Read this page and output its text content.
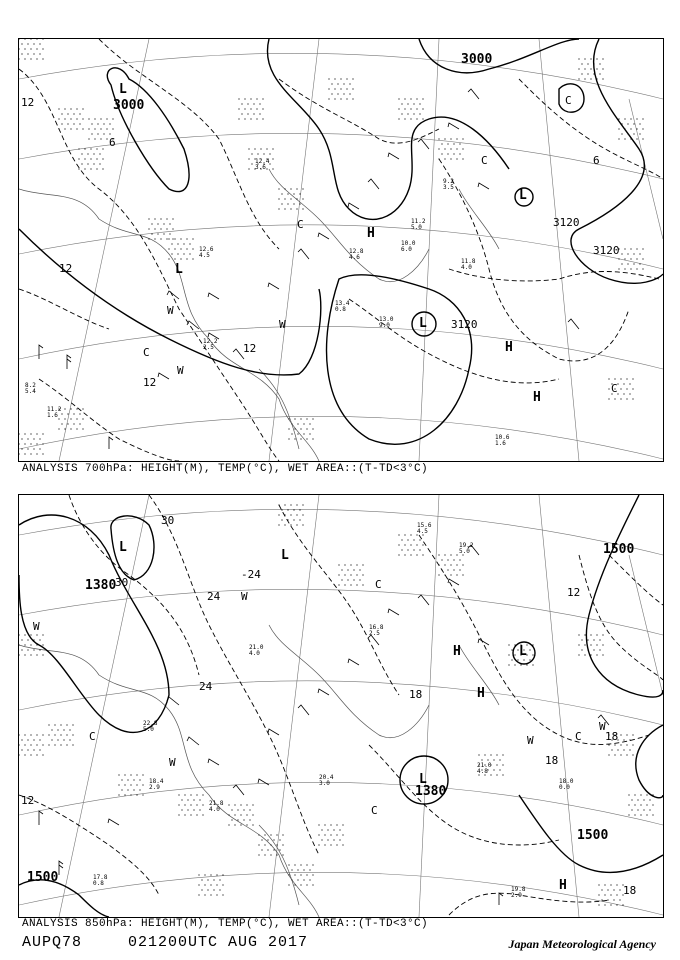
3000
3000
3120
3120
3120
12
12
12
12
6
6
L
L
L
L
H
H
H
C
C
C
C
C
W
W
W	13.0
9.0
12.8
4.6
9.2
3.5
10.0
6.0
11.8
4.0
12.4
3.6
10.6
1.6
11.2
5.0
13.4
0.8
12.6
4.5
12.2
2.5
8.2
5.4
11.2
1.6
ANALYSIS 700hPa: HEIGHT(M), TEMP(°C), WET AREA::(T-TD<3°C)
1380
1500
1500
1380
1500
30
30
24
24
-24
18
18
18
18
12
12
L
L
L
L
H
H
H
C
C
C
C
W
W
W
W
W
21.8
4.0
19.2
5.0
18.4
2.9
21.0
4.8
22.8
5.0
20.4
3.0
15.6
4.5
17.8
0.8
19.8
2.9
21.0
4.0
18.0
0.0
16.8
2.5
ANALYSIS 850hPa: HEIGHT(M), TEMP(°C), WET AREA::(T-TD<3°C)
AUPQ78	021200UTC AUG 2017	Japan Meteorological Agency
